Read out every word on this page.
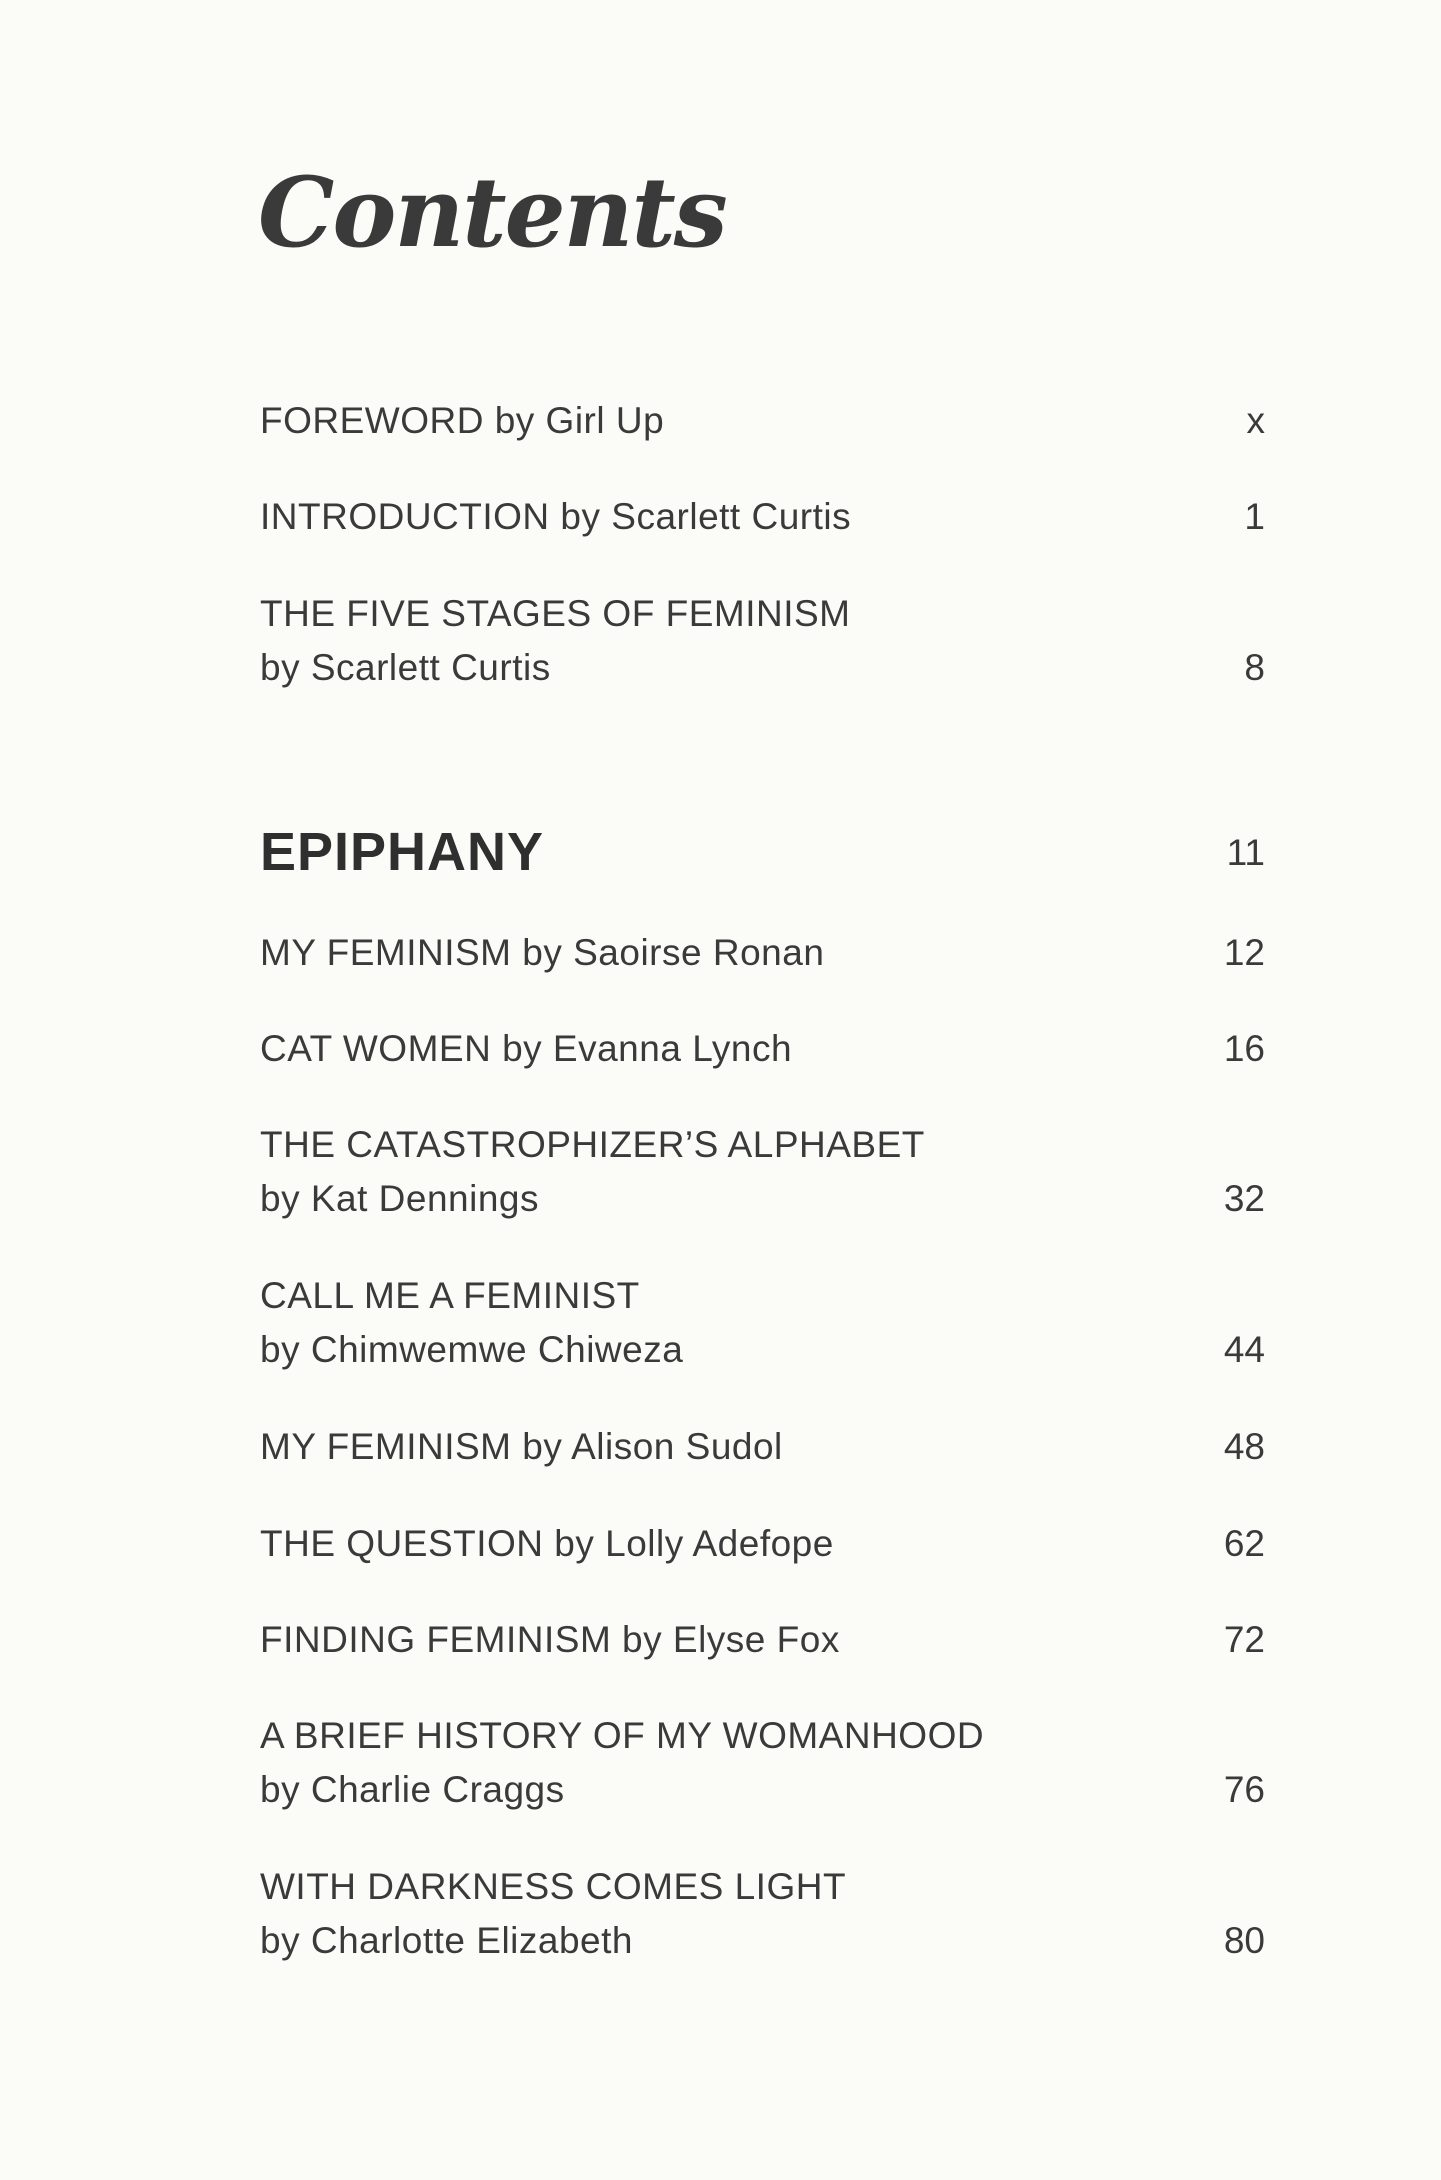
Contents
FOREWORD by Girl Up	x
INTRODUCTION by Scarlett Curtis	1
THE FIVE STAGES OF FEMINISM
by Scarlett Curtis	8
EPIPHANY	11
MY FEMINISM by Saoirse Ronan	12
CAT WOMEN by Evanna Lynch	16
THE CATASTROPHIZER’S ALPHABET
by Kat Dennings	32
CALL ME A FEMINIST
by Chimwemwe Chiweza	44
MY FEMINISM by Alison Sudol	48
THE QUESTION by Lolly Adefope	62
FINDING FEMINISM by Elyse Fox	72
A BRIEF HISTORY OF MY WOMANHOOD
by Charlie Craggs	76
WITH DARKNESS COMES LIGHT
by Charlotte Elizabeth	80
